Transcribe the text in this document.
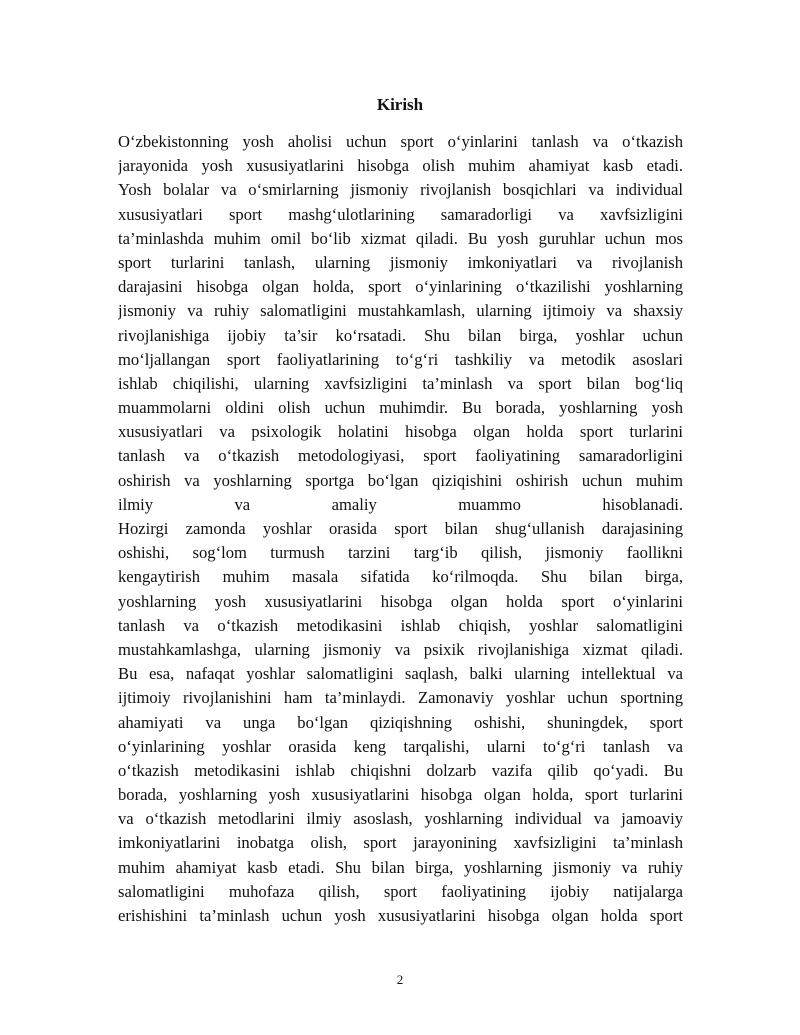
Kirish
O‘zbekistonning yosh aholisi uchun sport o‘yinlarini tanlash va o‘tkazish
jarayonida yosh xususiyatlarini hisobga olish muhim ahamiyat kasb etadi.
Yosh bolalar va o‘smirlarning jismoniy rivojlanish bosqichlari va individual
xususiyatlari sport mashg‘ulotlarining samaradorligi va xavfsizligini
ta’minlashda muhim omil bo‘lib xizmat qiladi. Bu yosh guruhlar uchun mos
sport turlarini tanlash, ularning jismoniy imkoniyatlari va rivojlanish
darajasini hisobga olgan holda, sport o‘yinlarining o‘tkazilishi yoshlarning
jismoniy va ruhiy salomatligini mustahkamlash, ularning ijtimoiy va shaxsiy
rivojlanishiga ijobiy ta’sir ko‘rsatadi. Shu bilan birga, yoshlar uchun
mo‘ljallangan sport faoliyatlarining to‘g‘ri tashkiliy va metodik asoslari
ishlab chiqilishi, ularning xavfsizligini ta’minlash va sport bilan bog‘liq
muammolarni oldini olish uchun muhimdir. Bu borada, yoshlarning yosh
xususiyatlari va psixologik holatini hisobga olgan holda sport turlarini
tanlash va o‘tkazish metodologiyasi, sport faoliyatining samaradorligini
oshirish va yoshlarning sportga bo‘lgan qiziqishini oshirish uchun muhim
ilmiy va amaliy muammo hisoblanadi.
Hozirgi zamonda yoshlar orasida sport bilan shug‘ullanish darajasining
oshishi, sog‘lom turmush tarzini targ‘ib qilish, jismoniy faollikni
kengaytirish muhim masala sifatida ko‘rilmoqda. Shu bilan birga,
yoshlarning yosh xususiyatlarini hisobga olgan holda sport o‘yinlarini
tanlash va o‘tkazish metodikasini ishlab chiqish, yoshlar salomatligini
mustahkamlashga, ularning jismoniy va psixik rivojlanishiga xizmat qiladi.
Bu esa, nafaqat yoshlar salomatligini saqlash, balki ularning intellektual va
ijtimoiy rivojlanishini ham ta’minlaydi. Zamonaviy yoshlar uchun sportning
ahamiyati va unga bo‘lgan qiziqishning oshishi, shuningdek, sport
o‘yinlarining yoshlar orasida keng tarqalishi, ularni to‘g‘ri tanlash va
o‘tkazish metodikasini ishlab chiqishni dolzarb vazifa qilib qo‘yadi. Bu
borada, yoshlarning yosh xususiyatlarini hisobga olgan holda, sport turlarini
va o‘tkazish metodlarini ilmiy asoslash, yoshlarning individual va jamoaviy
imkoniyatlarini inobatga olish, sport jarayonining xavfsizligini ta’minlash
muhim ahamiyat kasb etadi. Shu bilan birga, yoshlarning jismoniy va ruhiy
salomatligini muhofaza qilish, sport faoliyatining ijobiy natijalarga
erishishini ta’minlash uchun yosh xususiyatlarini hisobga olgan holda sport
2
